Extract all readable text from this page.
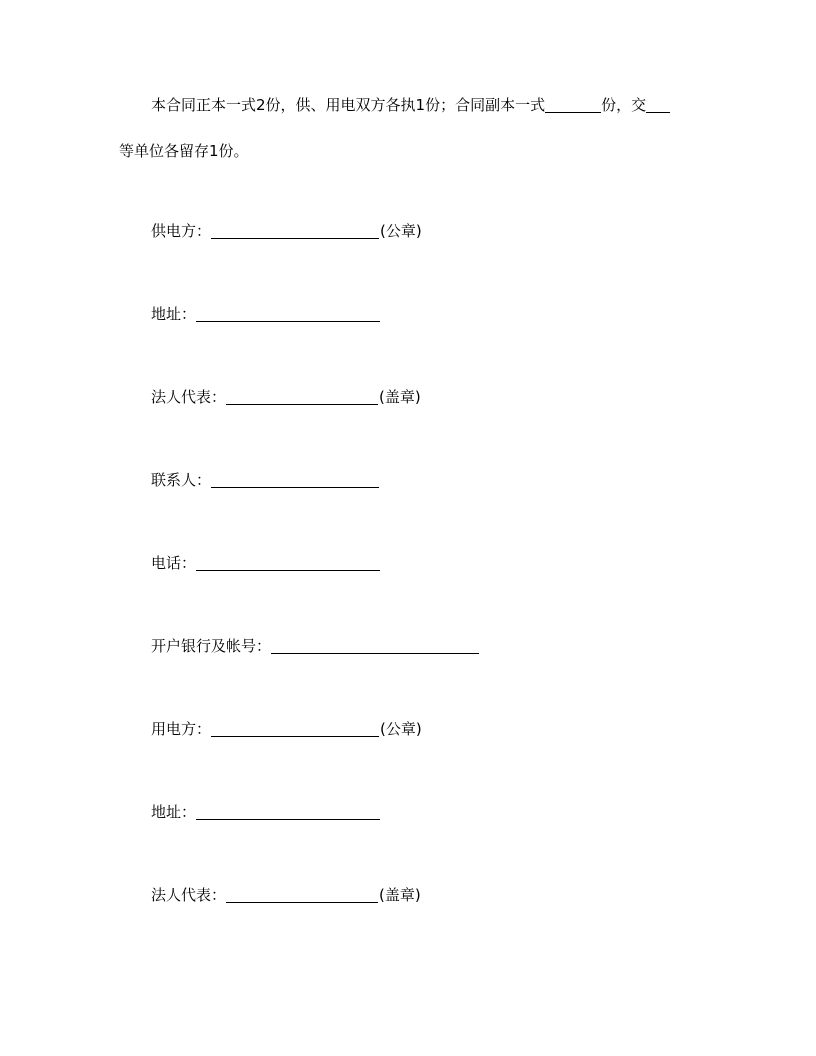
本合同正本一式2份，供、用电双方各执1份；合同副本一式	份，交
等单位各留存1份。
供电方：	(公章)
地址：
法人代表：	(盖章)
联系人：
电话：
开户银行及帐号：
用电方：	(公章)
地址：
法人代表：	(盖章)
